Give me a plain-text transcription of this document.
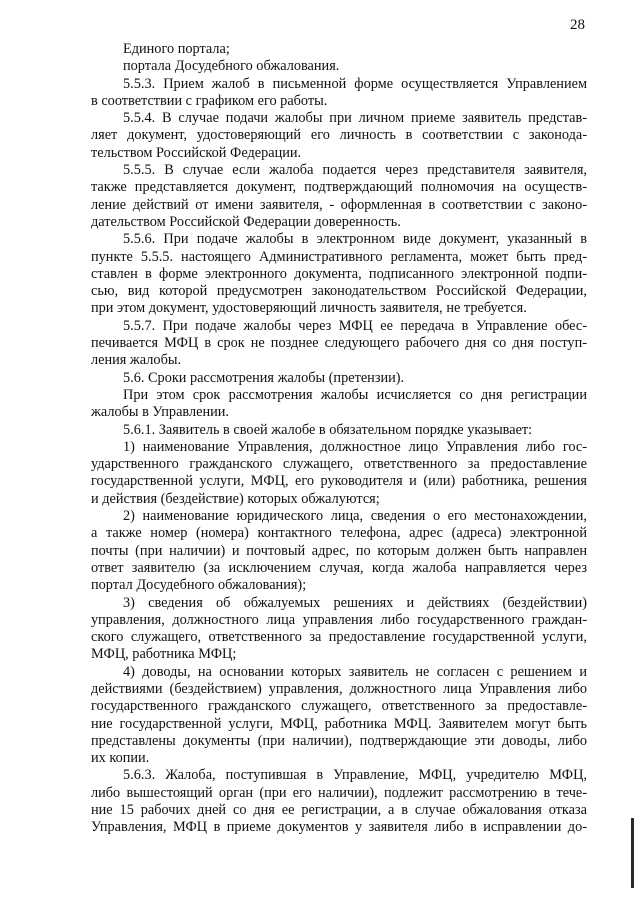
28
Единого портала;
портала Досудебного обжалования.
5.5.3. Прием жалоб в письменной форме осуществляется Управлением
в соответствии с графиком его работы.
5.5.4. В случае подачи жалобы при личном приеме заявитель представ-
ляет документ, удостоверяющий его личность в соответствии с законода-
тельством Российской Федерации.
5.5.5. В случае если жалоба подается через представителя заявителя,
также представляется документ, подтверждающий полномочия на осуществ-
ление действий от имени заявителя, - оформленная в соответствии с законо-
дательством Российской Федерации доверенность.
5.5.6. При подаче жалобы в электронном виде документ, указанный в
пункте 5.5.5. настоящего Административного регламента, может быть пред-
ставлен в форме электронного документа, подписанного электронной подпи-
сью, вид которой предусмотрен законодательством Российской Федерации,
при этом документ, удостоверяющий личность заявителя, не требуется.
5.5.7. При подаче жалобы через МФЦ ее передача в Управление обес-
печивается МФЦ в срок не позднее следующего рабочего дня со дня поступ-
ления жалобы.
5.6. Сроки рассмотрения жалобы (претензии).
При этом срок рассмотрения жалобы исчисляется со дня регистрации
жалобы в Управлении.
5.6.1. Заявитель в своей жалобе в обязательном порядке указывает:
1) наименование Управления, должностное лицо Управления либо гос-
ударственного гражданского служащего, ответственного за предоставление
государственной услуги, МФЦ, его руководителя и (или) работника, решения
и действия (бездействие) которых обжалуются;
2) наименование юридического лица, сведения о его местонахождении,
а также номер (номера) контактного телефона, адрес (адреса) электронной
почты (при наличии) и почтовый адрес, по которым должен быть направлен
ответ заявителю (за исключением случая, когда жалоба направляется через
портал Досудебного обжалования);
3) сведения об обжалуемых решениях и действиях (бездействии)
управления, должностного лица управления либо государственного граждан-
ского служащего, ответственного за предоставление государственной услуги,
МФЦ, работника МФЦ;
4) доводы, на основании которых заявитель не согласен с решением и
действиями (бездействием) управления, должностного лица Управления либо
государственного гражданского служащего, ответственного за предоставле-
ние государственной услуги, МФЦ, работника МФЦ. Заявителем могут быть
представлены документы (при наличии), подтверждающие эти доводы, либо
их копии.
5.6.3. Жалоба, поступившая в Управление, МФЦ, учредителю МФЦ,
либо вышестоящий орган (при его наличии), подлежит рассмотрению в тече-
ние 15 рабочих дней со дня ее регистрации, а в случае обжалования отказа
Управления, МФЦ в приеме документов у заявителя либо в исправлении до-
